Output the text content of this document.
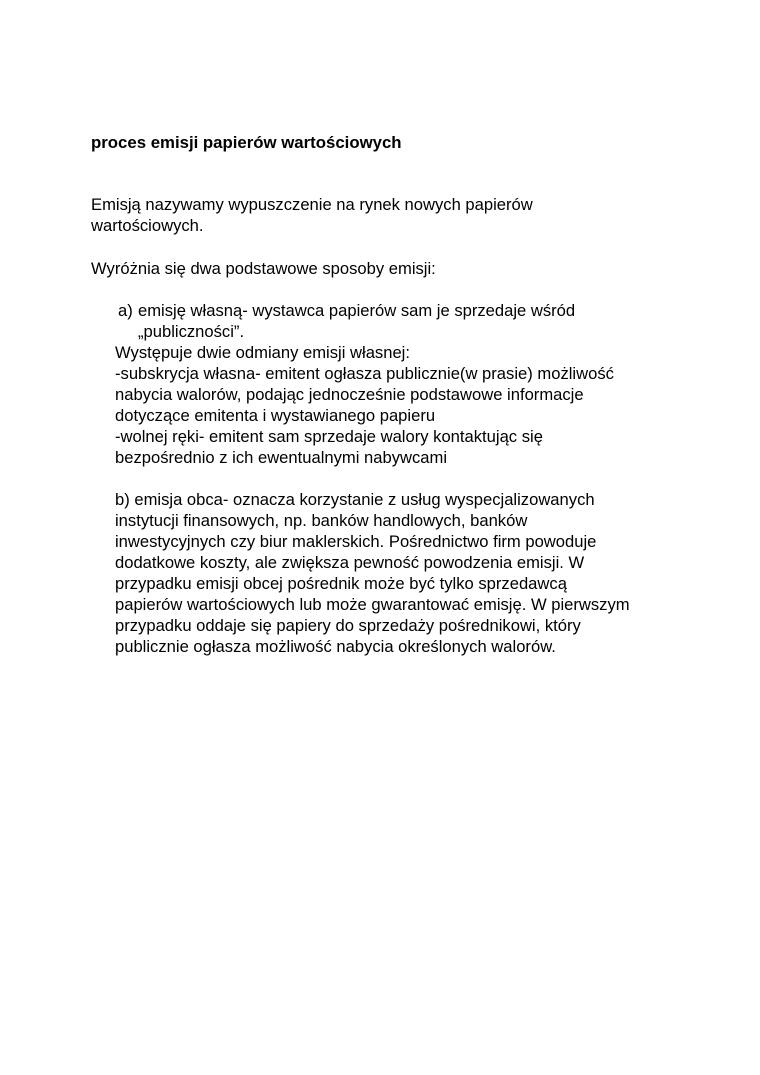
proces emisji papierów wartościowych
Emisją nazywamy wypuszczenie na rynek nowych papierów
wartościowych.
Wyróżnia się dwa podstawowe sposoby emisji:
a) emisję własną- wystawca papierów sam je sprzedaje wśród
„publiczności”.
Występuje dwie odmiany emisji własnej:
-subskrycja własna- emitent ogłasza publicznie(w prasie) możliwość
nabycia walorów, podając jednocześnie podstawowe informacje
dotyczące emitenta i wystawianego papieru
-wolnej ręki- emitent sam sprzedaje walory kontaktując się
bezpośrednio z ich ewentualnymi nabywcami
b) emisja obca- oznacza korzystanie z usług wyspecjalizowanych
instytucji finansowych, np. banków handlowych, banków
inwestycyjnych czy biur maklerskich. Pośrednictwo firm powoduje
dodatkowe koszty, ale zwiększa pewność powodzenia emisji. W
przypadku emisji obcej pośrednik może być tylko sprzedawcą
papierów wartościowych lub może gwarantować emisję. W pierwszym
przypadku oddaje się papiery do sprzedaży pośrednikowi, który
publicznie ogłasza możliwość nabycia określonych walorów.
